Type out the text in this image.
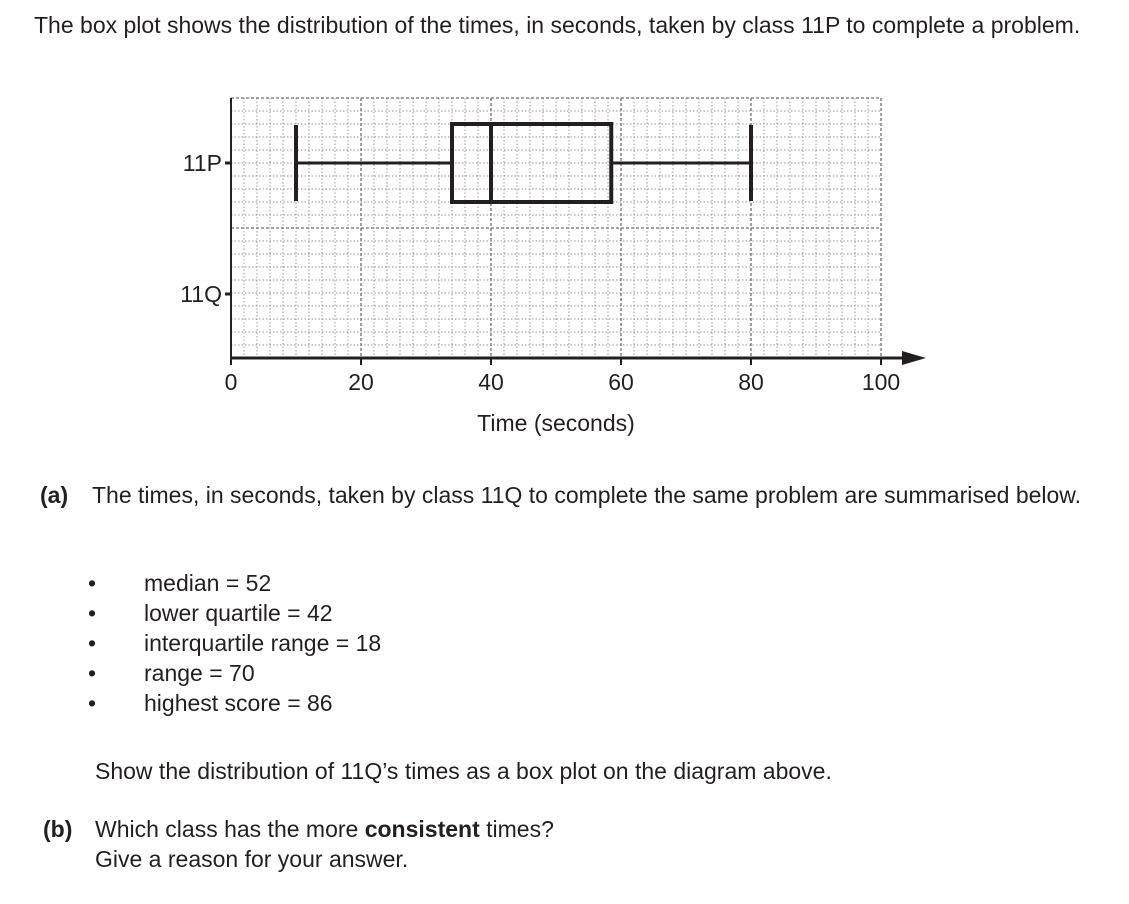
0	20	40	60	80	100
11P
11Q
Time (seconds)

The box plot shows the distribution of the times, in seconds, taken by class 11P to complete a problem.

(a) The times, in seconds, taken by class 11Q to complete the same problem are summarised below.

• median = 52
• lower quartile = 42
• interquartile range = 18
• range = 70
• highest score = 86

Show the distribution of 11Q’s times as a box plot on the diagram above.

(b) Which class has the more consistent times?

Give a reason for your answer.
